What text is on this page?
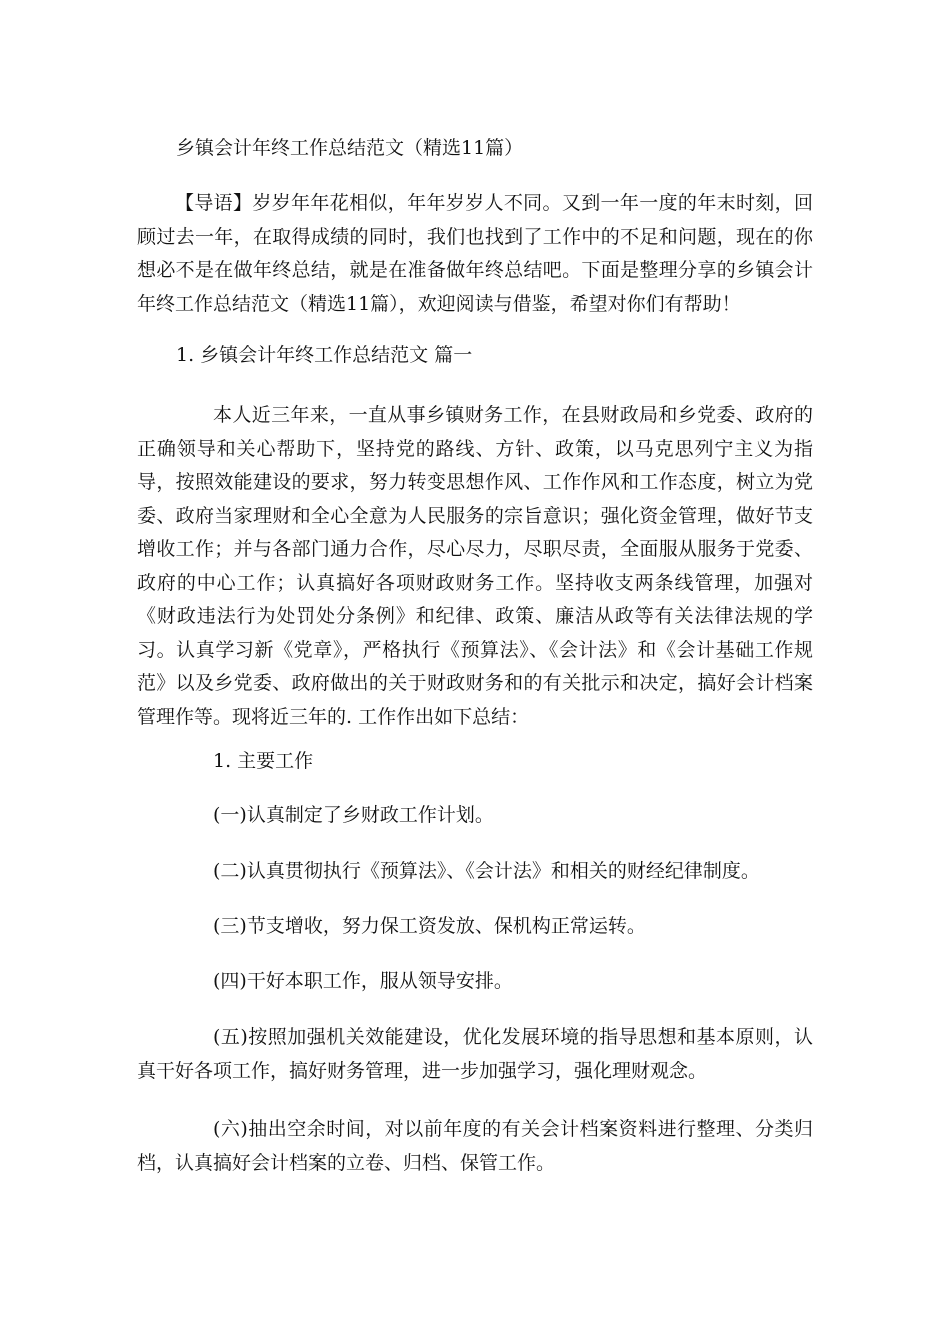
乡镇会计年终工作总结范文（精选11篇）

【导语】岁岁年年花相似，年年岁岁人不同。又到一年一度的年末时刻，回顾过去一年，在取得成绩的同时，我们也找到了工作中的不足和问题，现在的你想必不是在做年终总结，就是在准备做年终总结吧。下面是整理分享的乡镇会计年终工作总结范文（精选11篇），欢迎阅读与借鉴，希望对你们有帮助！

1. 乡镇会计年终工作总结范文 篇一

本人近三年来，一直从事乡镇财务工作，在县财政局和乡党委、政府的正确领导和关心帮助下，坚持党的路线、方针、政策，以马克思列宁主义为指导，按照效能建设的要求，努力转变思想作风、工作作风和工作态度，树立为党委、政府当家理财和全心全意为人民服务的宗旨意识；强化资金管理，做好节支增收工作；并与各部门通力合作，尽心尽力，尽职尽责，全面服从服务于党委、政府的中心工作；认真搞好各项财政财务工作。坚持收支两条线管理，加强对《财政违法行为处罚处分条例》和纪律、政策、廉洁从政等有关法律法规的学习。认真学习新《党章》，严格执行《预算法》、《会计法》和《会计基础工作规范》以及乡党委、政府做出的关于财政财务和的有关批示和决定，搞好会计档案管理作等。现将近三年的. 工作作出如下总结：

1. 主要工作

(一)认真制定了乡财政工作计划。

(二)认真贯彻执行《预算法》、《会计法》和相关的财经纪律制度。

(三)节支增收，努力保工资发放、保机构正常运转。

(四)干好本职工作，服从领导安排。

(五)按照加强机关效能建设，优化发展环境的指导思想和基本原则，认真干好各项工作，搞好财务管理，进一步加强学习，强化理财观念。

(六)抽出空余时间，对以前年度的有关会计档案资料进行整理、分类归档，认真搞好会计档案的立卷、归档、保管工作。
